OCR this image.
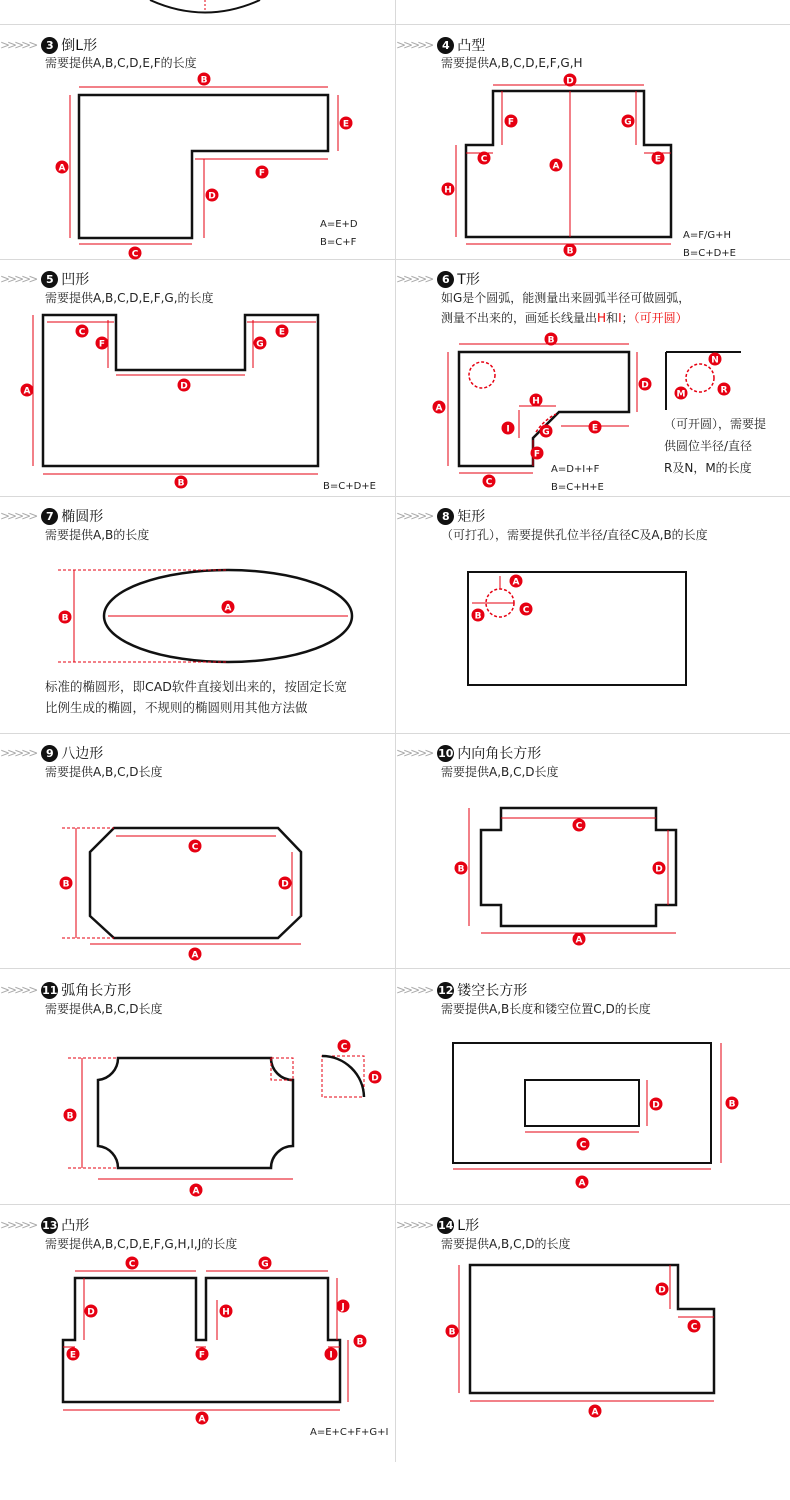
>>>>> 3 倒L形
需要提供A,B,C,D,E,F的长度
A=E+D
B=C+F
B
E
A	F
D
C
>>>>> 4 凸型
需要提供A,B,C,D,E,F,G,H
A=F/G+H
B=C+D+E
D
F	G
C	E
A
H
B
>>>>> 5 凹形
需要提供A,B,C,D,E,F,G,的长度
B=C+D+E
C	E
F	G
D
A
B
>>>>> 6 T形
如G是个圆弧，能测量出来圆弧半径可做圆弧，
测量不出来的，画延长线量出H和I；（可开圆）
A=D+I+F
B=C+H+E
B
D
A
H
I	G	E
F
C
N
M	R
（可开圆），需要提
供圆位半径/直径
R及N，M的长度
>>>>> 7 椭圆形
需要提供A,B的长度
A
B
标准的椭圆形，即CAD软件直接划出来的，按固定长宽
比例生成的椭圆，不规则的椭圆则用其他方法做
>>>>> 8 矩形
（可打孔），需要提供孔位半径/直径C及A,B的长度
A
B
C
>>>>> 9 八边形
需要提供A,B,C,D长度
C
D
B
A
>>>>> 10 内向角长方形
需要提供A,B,C,D长度
C
D
B
A
>>>>> 11 弧角长方形
需要提供A,B,C,D长度
B
A
C
D
>>>>> 12 镂空长方形
需要提供A,B长度和镂空位置C,D的长度
D	B
C
A
>>>>> 13 凸形
需要提供A,B,C,D,E,F,G,H,I,J的长度
A=E+C+F+G+I
C	G
D	H	J
B
E	F	I
A
>>>>> 14 L形
需要提供A,B,C,D的长度
D
C
B
A
